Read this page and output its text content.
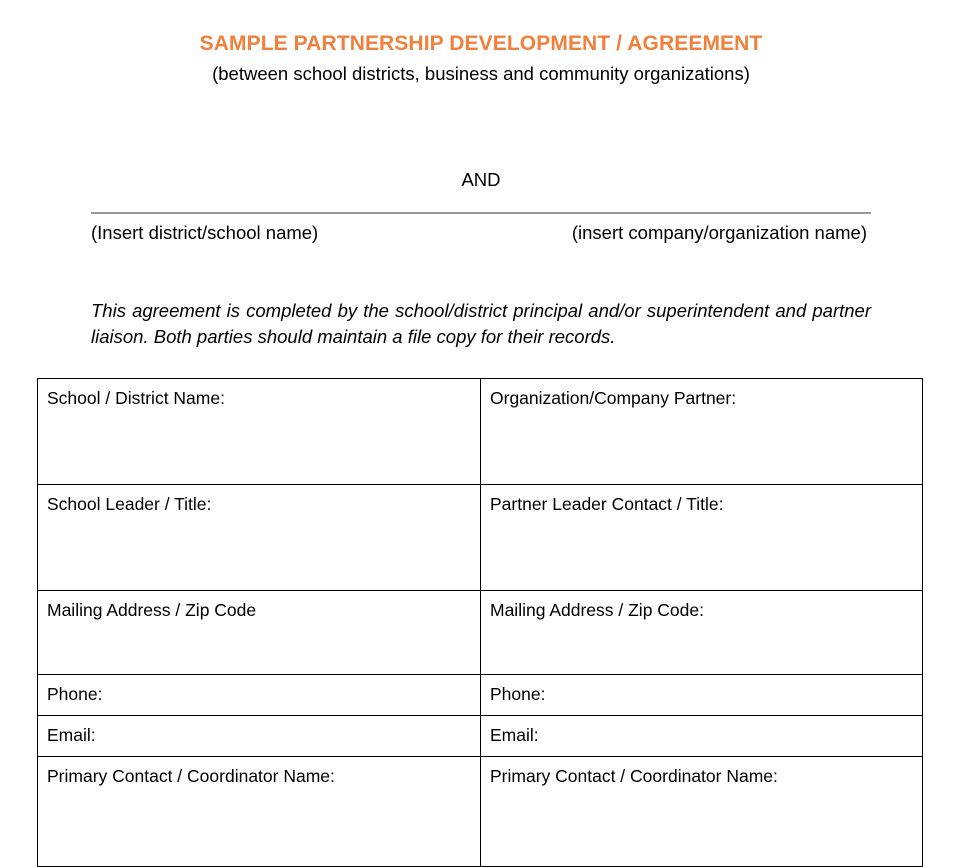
SAMPLE PARTNERSHIP DEVELOPMENT / AGREEMENT
(between school districts, business and community organizations)
AND
(Insert district/school name)	(insert company/organization name)
This agreement is completed by the school/district principal and/or superintendent and partner liaison. Both parties should maintain a file copy for their records.
School / District Name:	Organization/Company Partner:
School Leader / Title:	Partner Leader Contact / Title:
Mailing Address / Zip Code	Mailing Address / Zip Code:
Phone:	Phone:
Email:	Email:
Primary Contact / Coordinator Name:	Primary Contact / Coordinator Name:
